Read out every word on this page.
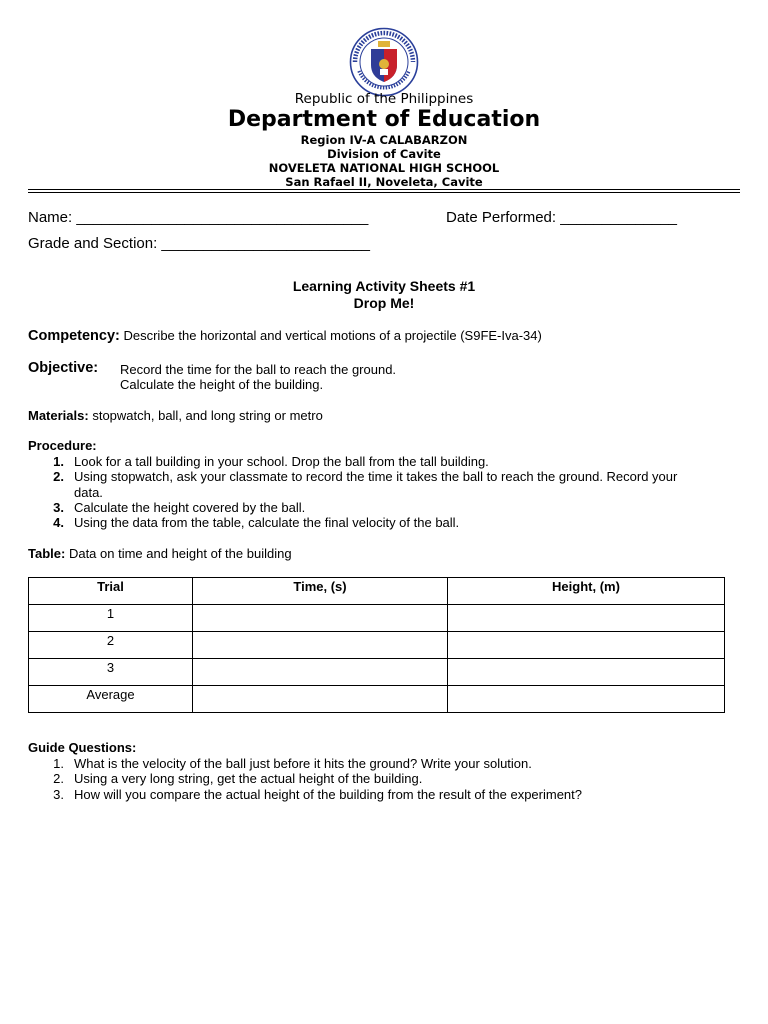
Republic of the Philippines
Department of Education
Region IV-A CALABARZON
Division of Cavite
NOVELETA NATIONAL HIGH SCHOOL
San Rafael II, Noveleta, Cavite
Name: ___________________________________	Date Performed: ______________
Grade and Section: _________________________
Learning Activity Sheets #1
Drop Me!
Competency: Describe the horizontal and vertical motions of a projectile (S9FE-Iva-34)
Objective: Record the time for the ball to reach the ground.
Calculate the height of the building.
Materials: stopwatch, ball, and long string or metro
Procedure:
1. Look for a tall building in your school. Drop the ball from the tall building.
2. Using stopwatch, ask your classmate to record the time it takes the ball to reach the ground. Record your
data.
3. Calculate the height covered by the ball.
4. Using the data from the table, calculate the final velocity of the ball.
Table: Data on time and height of the building
Trial	Time, (s)	Height, (m)
1		
2		
3		
Average		
Guide Questions:
1. What is the velocity of the ball just before it hits the ground? Write your solution.
2. Using a very long string, get the actual height of the building.
3. How will you compare the actual height of the building from the result of the experiment?
